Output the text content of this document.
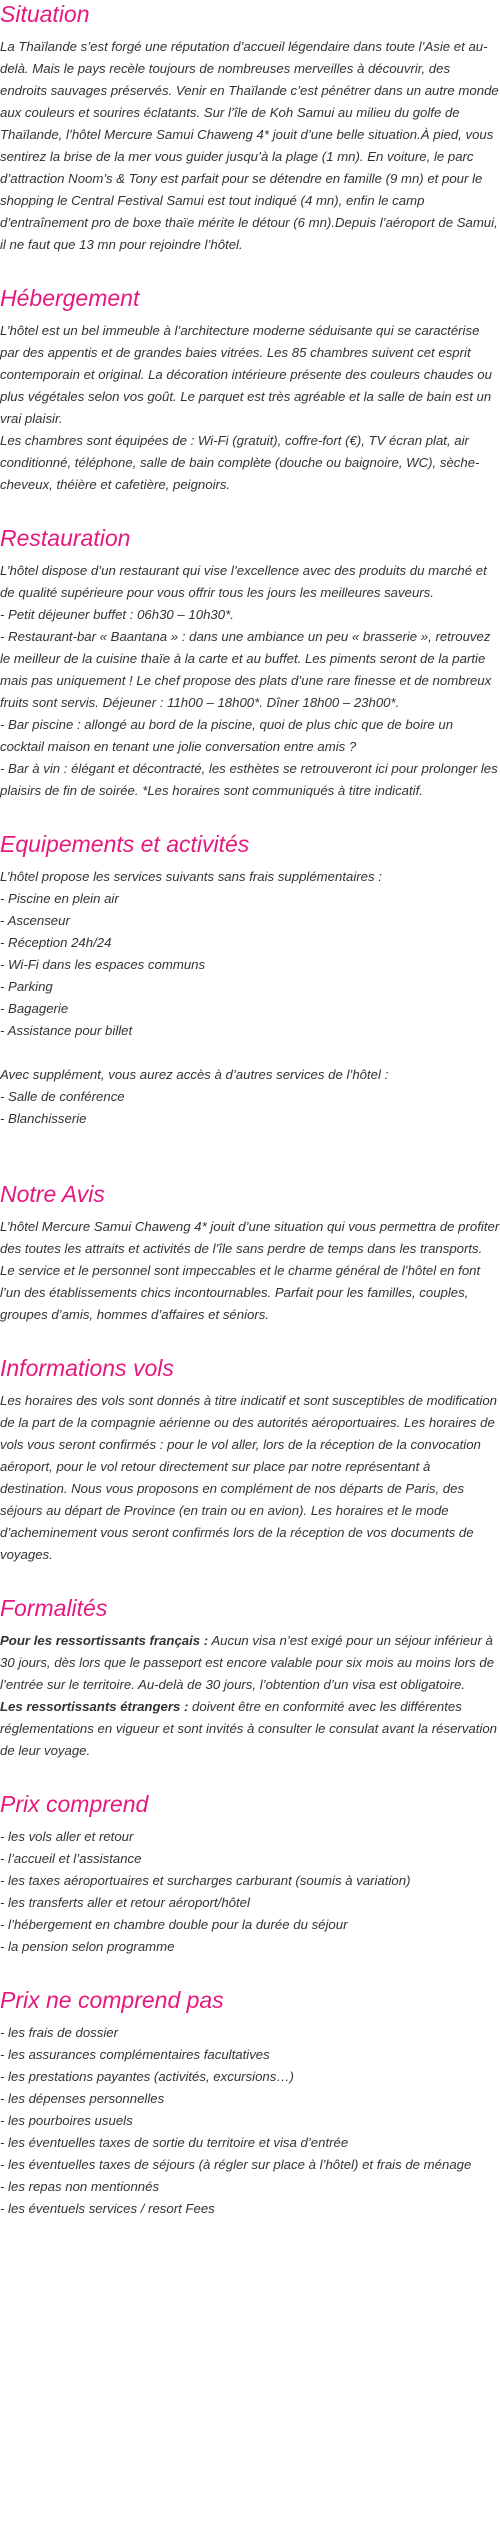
Situation

La Thaïlande s’est forgé une réputation d’accueil légendaire dans toute l’Asie et au-delà. Mais le pays recèle toujours de nombreuses merveilles à découvrir, des endroits sauvages préservés. Venir en Thaïlande c’est pénétrer dans un autre monde aux couleurs et sourires éclatants. Sur l’île de Koh Samui au milieu du golfe de Thaïlande, l’hôtel Mercure Samui Chaweng 4* jouit d’une belle situation.À pied, vous sentirez la brise de la mer vous guider jusqu’à la plage (1 mn). En voiture, le parc d’attraction Noom’s & Tony est parfait pour se détendre en famille (9 mn) et pour le shopping le Central Festival Samui est tout indiqué (4 mn), enfin le camp d’entraînement pro de boxe thaïe mérite le détour (6 mn).Depuis l’aéroport de Samui, il ne faut que 13 mn pour rejoindre l’hôtel.

Hébergement

L’hôtel est un bel immeuble à l’architecture moderne séduisante qui se caractérise par des appentis et de grandes baies vitrées. Les 85 chambres suivent cet esprit contemporain et original. La décoration intérieure présente des couleurs chaudes ou plus végétales selon vos goût. Le parquet est très agréable et la salle de bain est un vrai plaisir.

Les chambres sont équipées de : Wi-Fi (gratuit), coffre-fort (€), TV écran plat, air conditionné, téléphone, salle de bain complète (douche ou baignoire, WC), sèche-cheveux, théière et cafetière, peignoirs.

Restauration

L’hôtel dispose d’un restaurant qui vise l’excellence avec des produits du marché et de qualité supérieure pour vous offrir tous les jours les meilleures saveurs.

- Petit déjeuner buffet : 06h30 – 10h30*.
- Restaurant-bar « Baantana » : dans une ambiance un peu « brasserie », retrouvez le meilleur de la cuisine thaïe à la carte et au buffet. Les piments seront de la partie mais pas uniquement ! Le chef propose des plats d’une rare finesse et de nombreux fruits sont servis. Déjeuner : 11h00 – 18h00*. Dîner 18h00 – 23h00*.
- Bar piscine : allongé au bord de la piscine, quoi de plus chic que de boire un cocktail maison en tenant une jolie conversation entre amis ?
- Bar à vin : élégant et décontracté, les esthètes se retrouveront ici pour prolonger les plaisirs de fin de soirée. *Les horaires sont communiqués à titre indicatif.
Equipements et activités

L’hôtel propose les services suivants sans frais supplémentaires :

- Piscine en plein air
- Ascenseur
- Réception 24h/24
- Wi-Fi dans les espaces communs
- Parking
- Bagagerie
- Assistance pour billet

Avec supplément, vous aurez accès à d’autres services de l’hôtel :

- Salle de conférence
- Blanchisserie
Notre Avis

L’hôtel Mercure Samui Chaweng 4* jouit d’une situation qui vous permettra de profiter des toutes les attraits et activités de l’île sans perdre de temps dans les transports. Le service et le personnel sont impeccables et le charme général de l’hôtel en font l’un des établissements chics incontournables. Parfait pour les familles, couples, groupes d’amis, hommes d’affaires et séniors.

Informations vols

Les horaires des vols sont donnés à titre indicatif et sont susceptibles de modification de la part de la compagnie aérienne ou des autorités aéroportuaires. Les horaires de vols vous seront confirmés : pour le vol aller, lors de la réception de la convocation aéroport, pour le vol retour directement sur place par notre représentant à destination. Nous vous proposons en complément de nos départs de Paris, des séjours au départ de Province (en train ou en avion). Les horaires et le mode d’acheminement vous seront confirmés lors de la réception de vos documents de voyages.

Formalités

Pour les ressortissants français : Aucun visa n’est exigé pour un séjour inférieur à 30 jours, dès lors que le passeport est encore valable pour six mois au moins lors de l’entrée sur le territoire. Au-delà de 30 jours, l’obtention d’un visa est obligatoire.

Les ressortissants étrangers : doivent être en conformité avec les différentes réglementations en vigueur et sont invités à consulter le consulat avant la réservation de leur voyage.

Prix comprend
- les vols aller et retour
- l’accueil et l’assistance
- les taxes aéroportuaires et surcharges carburant (soumis à variation)
- les transferts aller et retour aéroport/hôtel
- l’hébergement en chambre double pour la durée du séjour
- la pension selon programme
Prix ne comprend pas
- les frais de dossier
- les assurances complémentaires facultatives
- les prestations payantes (activités, excursions…)
- les dépenses personnelles
- les pourboires usuels
- les éventuelles taxes de sortie du territoire et visa d’entrée
- les éventuelles taxes de séjours (à régler sur place à l’hôtel) et frais de ménage
- les repas non mentionnés
- les éventuels services / resort Fees
